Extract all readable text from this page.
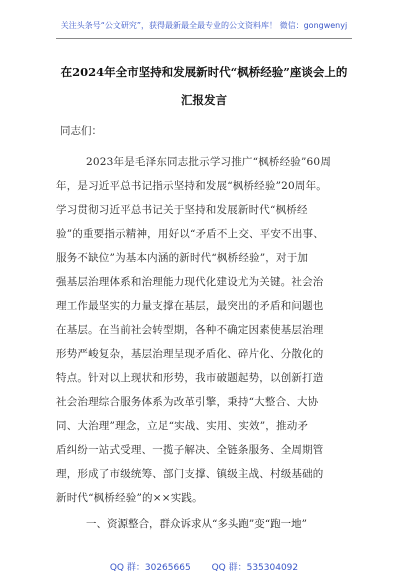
关注头条号“公文研究”，获得最新最全最专业的公文资料库！ 微信：gongwenyj
在2024年全市坚持和发展新时代“枫桥经验”座谈会上的
汇报发言
同志们：
2023年是毛泽东同志批示学习推广“枫桥经验”60周
年，是习近平总书记指示坚持和发展“枫桥经验”20周年。
学习贯彻习近平总书记关于坚持和发展新时代“枫桥经
验”的重要指示精神，用好以“矛盾不上交、平安不出事、
服务不缺位”为基本内涵的新时代“枫桥经验”，对于加
强基层治理体系和治理能力现代化建设尤为关键。社会治
理工作最坚实的力量支撑在基层，最突出的矛盾和问题也
在基层。在当前社会转型期，各种不确定因素使基层治理
形势严峻复杂，基层治理呈现矛盾化、碎片化、分散化的
特点。针对以上现状和形势，我市破题起势，以创新打造
社会治理综合服务体系为改革引擎，秉持“大整合、大协
同、大治理”理念，立足“实战、实用、实效”，推动矛
盾纠纷一站式受理、一揽子解决、全链条服务、全周期管
理，形成了市级统筹、部门支撑、镇级主战、村级基础的
新时代“枫桥经验”的××实践。
一、资源整合，群众诉求从“多头跑”变“跑一地”
QQ 群：30265665 QQ 群：535304092
